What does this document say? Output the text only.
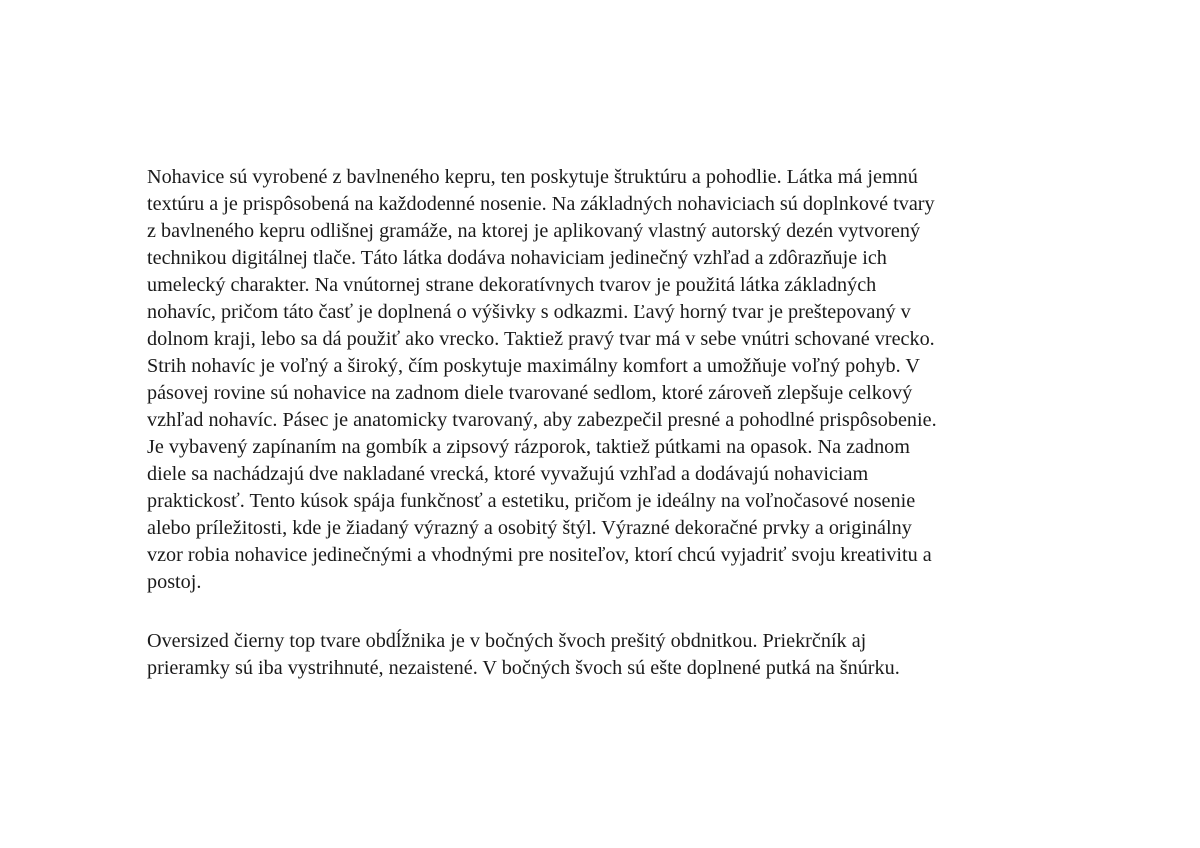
Nohavice sú vyrobené z bavlneného kepru, ten poskytuje štruktúru a pohodlie. Látka má jemnú
textúru a je prispôsobená na každodenné nosenie. Na základných nohaviciach sú doplnkové tvary
z bavlneného kepru odlišnej gramáže, na ktorej je aplikovaný vlastný autorský dezén vytvorený
technikou digitálnej tlače. Táto látka dodáva nohaviciam jedinečný vzhľad a zdôrazňuje ich
umelecký charakter. Na vnútornej strane dekoratívnych tvarov je použitá látka základných
nohavíc, pričom táto časť je doplnená o výšivky s odkazmi. Ľavý horný tvar je preštepovaný v
dolnom kraji, lebo sa dá použiť ako vrecko. Taktiež pravý tvar má v sebe vnútri schované vrecko.
Strih nohavíc je voľný a široký, čím poskytuje maximálny komfort a umožňuje voľný pohyb. V
pásovej rovine sú nohavice na zadnom diele tvarované sedlom, ktoré zároveň zlepšuje celkový
vzhľad nohavíc. Pásec je anatomicky tvarovaný, aby zabezpečil presné a pohodlné prispôsobenie.
Je vybavený zapínaním na gombík a zipsový rázporok, taktiež pútkami na opasok. Na zadnom
diele sa nachádzajú dve nakladané vrecká, ktoré vyvažujú vzhľad a dodávajú nohaviciam
praktickosť. Tento kúsok spája funkčnosť a estetiku, pričom je ideálny na voľnočasové nosenie
alebo príležitosti, kde je žiadaný výrazný a osobitý štýl. Výrazné dekoračné prvky a originálny
vzor robia nohavice jedinečnými a vhodnými pre nositeľov, ktorí chcú vyjadriť svoju kreativitu a
postoj.
Oversized čierny top tvare obdĺžnika je v bočných švoch prešitý obdnitkou. Priekrčník aj
prieramky sú iba vystrihnuté, nezaistené. V bočných švoch sú ešte doplnené putká na šnúrku.
